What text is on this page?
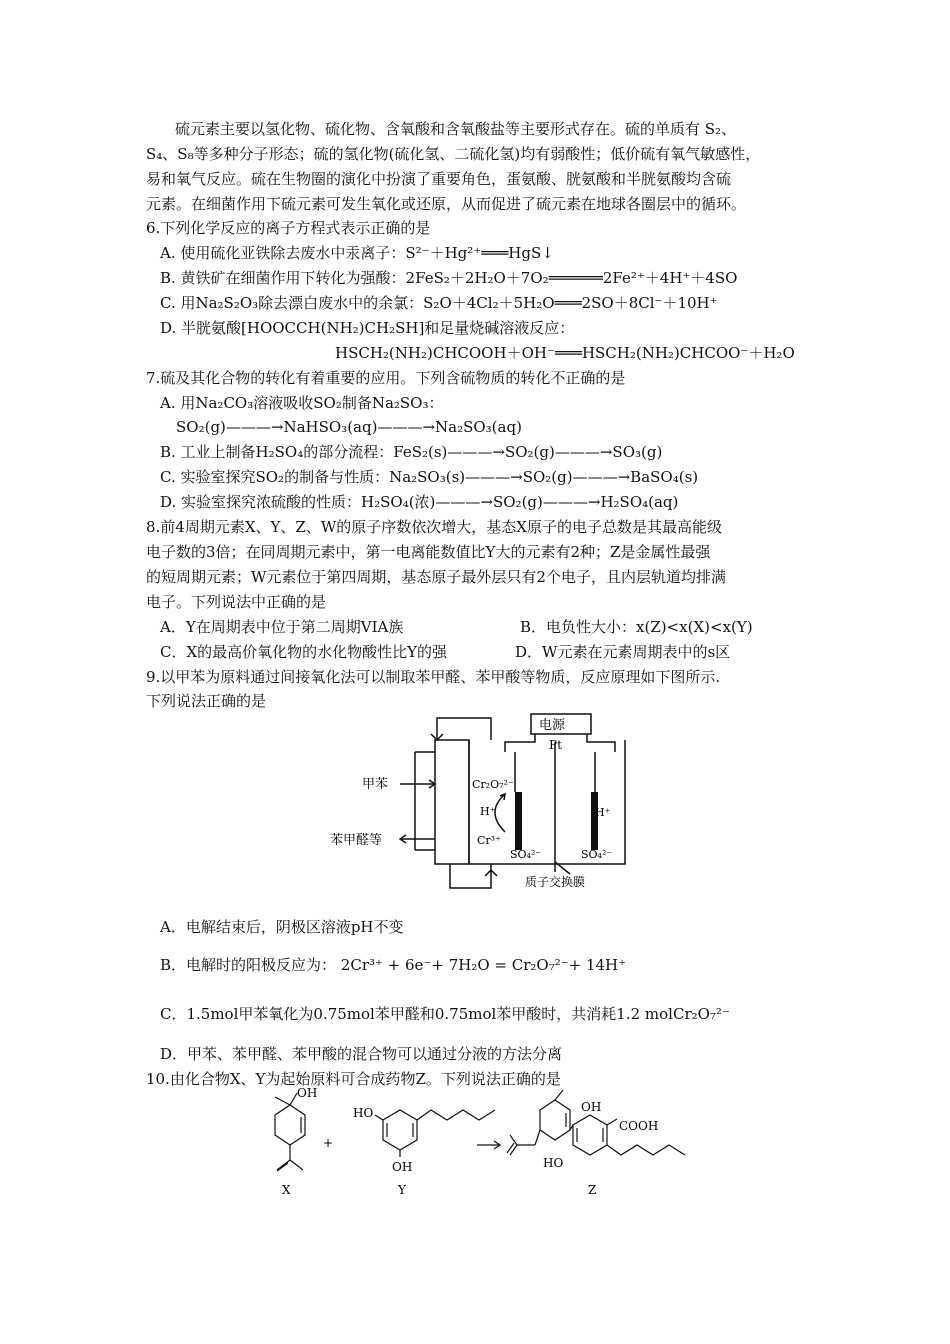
硫元素主要以氢化物、硫化物、含氧酸和含氧酸盐等主要形式存在。硫的单质有 S₂、
S₄、S₈等多种分子形态；硫的氢化物(硫化氢、二硫化氢)均有弱酸性；低价硫有氧气敏感性，
易和氧气反应。硫在生物圈的演化中扮演了重要角色，蛋氨酸、胱氨酸和半胱氨酸均含硫
元素。在细菌作用下硫元素可发生氧化或还原，从而促进了硫元素在地球各圈层中的循环。
6.下列化学反应的离子方程式表示正确的是
A. 使用硫化亚铁除去废水中汞离子：S²⁻＋Hg²⁺═══HgS↓
B. 黄铁矿在细菌作用下转化为强酸：2FeS₂＋2H₂O＋7O₂══════2Fe²⁺＋4H⁺＋4SO
C. 用Na₂S₂O₃除去漂白废水中的余氯：S₂O＋4Cl₂＋5H₂O═══2SO＋8Cl⁻＋10H⁺
D. 半胱氨酸[HOOCCH(NH₂)CH₂SH]和足量烧碱溶液反应：
HSCH₂(NH₂)CHCOOH＋OH⁻═══HSCH₂(NH₂)CHCOO⁻＋H₂O
7.硫及其化合物的转化有着重要的应用。下列含硫物质的转化不正确的是
A. 用Na₂CO₃溶液吸收SO₂制备Na₂SO₃：
SO₂(g)———→NaHSO₃(aq)———→Na₂SO₃(aq)
B. 工业上制备H₂SO₄的部分流程：FeS₂(s)———→SO₂(g)———→SO₃(g)
C. 实验室探究SO₂的制备与性质：Na₂SO₃(s)———→SO₂(g)———→BaSO₄(s)
D. 实验室探究浓硫酸的性质：H₂SO₄(浓)———→SO₂(g)———→H₂SO₄(aq)
8.前4周期元素X、Y、Z、W的原子序数依次增大，基态X原子的电子总数是其最高能级
电子数的3倍；在同周期元素中，第一电离能数值比Y大的元素有2种；Z是金属性最强
的短周期元素；W元素位于第四周期，基态原子最外层只有2个电子，且内层轨道均排满
电子。下列说法中正确的是
A．Y在周期表中位于第二周期VIA族	B．电负性大小：x(Z)<x(X)<x(Y)
C．X的最高价氧化物的水化物酸性比Y的强	D．W元素在元素周期表中的s区
9.以甲苯为原料通过间接氧化法可以制取苯甲醛、苯甲酸等物质，反应原理如下图所示.
下列说法正确的是
电源
Pt
甲苯
苯甲醛等
Cr₂O₇²⁻
H⁺
Cr³⁺
SO₄²⁻
H⁺
SO₄²⁻
质子交换膜
A．电解结束后，阴极区溶液pH不变
B．电解时的阳极反应为： 2Cr³⁺ + 6e⁻+ 7H₂O = Cr₂O₇²⁻+ 14H⁺
C．1.5mol甲苯氧化为0.75mol苯甲醛和0.75mol苯甲酸时，共消耗1.2 molCr₂O₇²⁻
D．甲苯、苯甲醛、苯甲酸的混合物可以通过分液的方法分离
10.由化合物X、Y为起始原料可合成药物Z。下列说法正确的是
OH
HO
OH
OH
COOH
HO
+
X	Y	Z
